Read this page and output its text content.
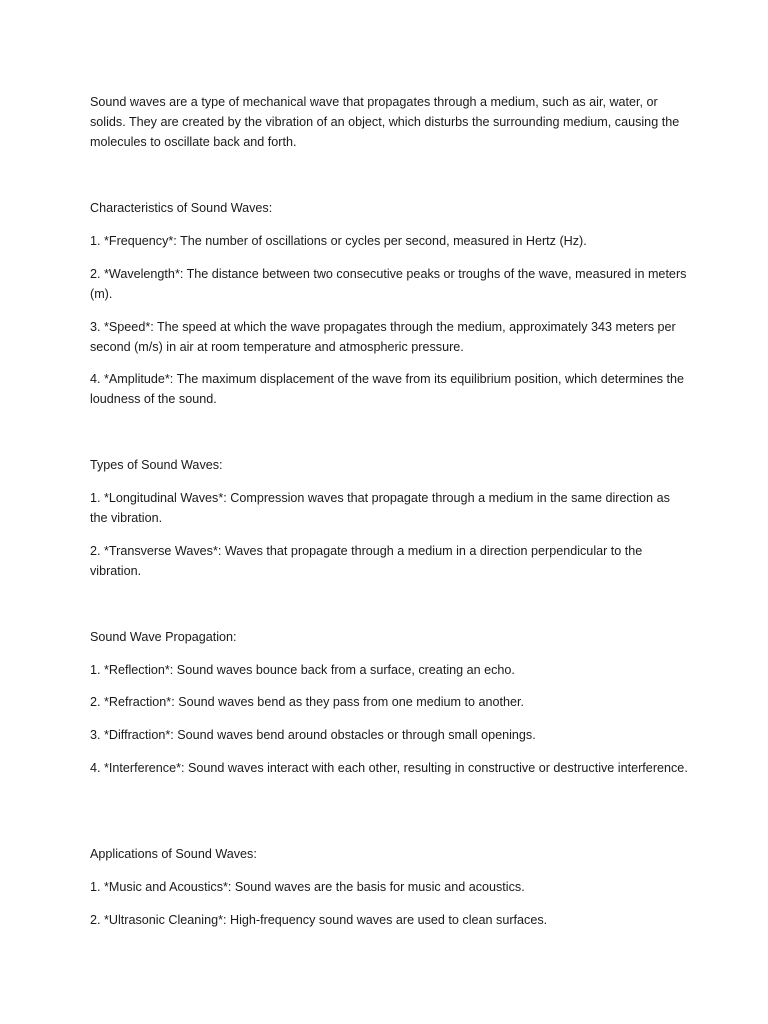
Sound waves are a type of mechanical wave that propagates through a medium, such as air, water, or solids. They are created by the vibration of an object, which disturbs the surrounding medium, causing the molecules to oscillate back and forth.

Characteristics of Sound Waves:

1. *Frequency*: The number of oscillations or cycles per second, measured in Hertz (Hz).

2. *Wavelength*: The distance between two consecutive peaks or troughs of the wave, measured in meters (m).

3. *Speed*: The speed at which the wave propagates through the medium, approximately 343 meters per second (m/s) in air at room temperature and atmospheric pressure.

4. *Amplitude*: The maximum displacement of the wave from its equilibrium position, which determines the loudness of the sound.

Types of Sound Waves:

1. *Longitudinal Waves*: Compression waves that propagate through a medium in the same direction as the vibration.

2. *Transverse Waves*: Waves that propagate through a medium in a direction perpendicular to the vibration.

Sound Wave Propagation:

1. *Reflection*: Sound waves bounce back from a surface, creating an echo.

2. *Refraction*: Sound waves bend as they pass from one medium to another.

3. *Diffraction*: Sound waves bend around obstacles or through small openings.

4. *Interference*: Sound waves interact with each other, resulting in constructive or destructive interference.

Applications of Sound Waves:

1. *Music and Acoustics*: Sound waves are the basis for music and acoustics.

2. *Ultrasonic Cleaning*: High-frequency sound waves are used to clean surfaces.
